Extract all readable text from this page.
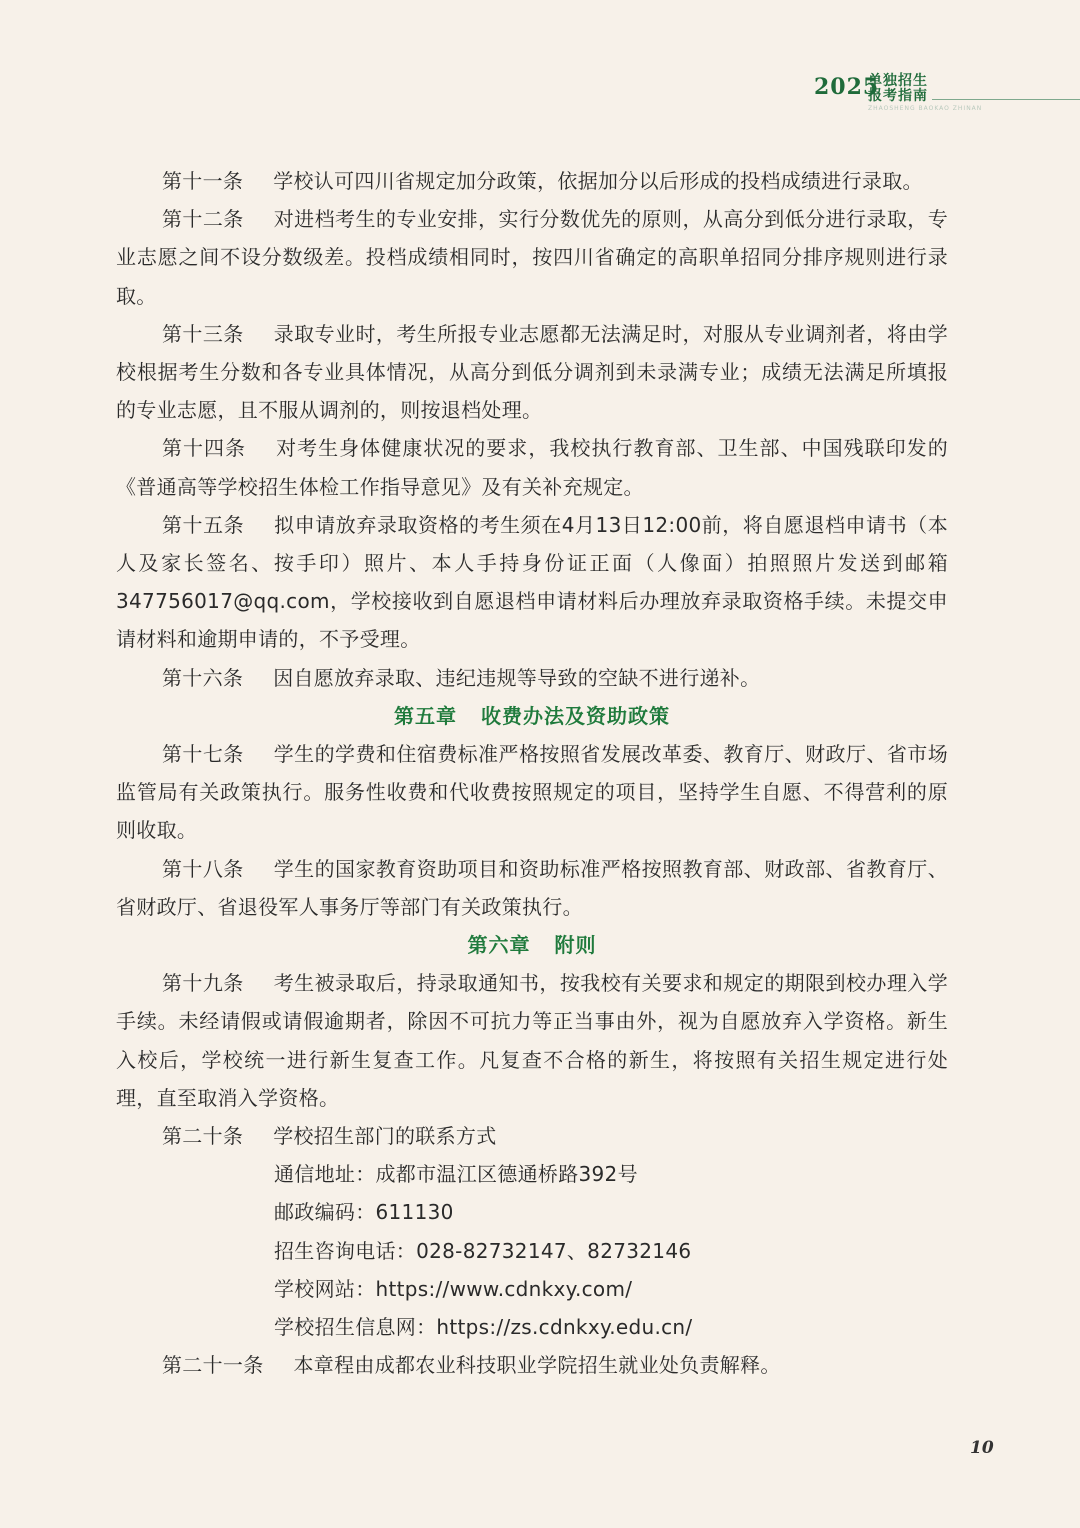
2025
单独招生
报考指南
ZHAOSHENG BAOKAO ZHINAN

第十一条 学校认可四川省规定加分政策，依据加分以后形成的投档成绩进行录取。

第十二条 对进档考生的专业安排，实行分数优先的原则，从高分到低分进行录取，专业志愿之间不设分数级差。投档成绩相同时，按四川省确定的高职单招同分排序规则进行录取。

第十三条 录取专业时，考生所报专业志愿都无法满足时，对服从专业调剂者，将由学校根据考生分数和各专业具体情况，从高分到低分调剂到未录满专业；成绩无法满足所填报的专业志愿，且不服从调剂的，则按退档处理。

第十四条 对考生身体健康状况的要求，我校执行教育部、卫生部、中国残联印发的《普通高等学校招生体检工作指导意见》及有关补充规定。

第十五条 拟申请放弃录取资格的考生须在4月13日12:00前，将自愿退档申请书（本人及家长签名、按手印）照片、本人手持身份证正面（人像面）拍照照片发送到邮箱347756017@qq.com，学校接收到自愿退档申请材料后办理放弃录取资格手续。未提交申请材料和逾期申请的，不予受理。

第十六条 因自愿放弃录取、违纪违规等导致的空缺不进行递补。

第五章 收费办法及资助政策

第十七条 学生的学费和住宿费标准严格按照省发展改革委、教育厅、财政厅、省市场监管局有关政策执行。服务性收费和代收费按照规定的项目，坚持学生自愿、不得营利的原则收取。

第十八条 学生的国家教育资助项目和资助标准严格按照教育部、财政部、省教育厅、省财政厅、省退役军人事务厅等部门有关政策执行。

第六章 附则

第十九条 考生被录取后，持录取通知书，按我校有关要求和规定的期限到校办理入学手续。未经请假或请假逾期者，除因不可抗力等正当事由外，视为自愿放弃入学资格。新生入校后，学校统一进行新生复查工作。凡复查不合格的新生，将按照有关招生规定进行处理，直至取消入学资格。

第二十条 学校招生部门的联系方式

通信地址：成都市温江区德通桥路392号

邮政编码：611130

招生咨询电话：028-82732147、82732146

学校网站：https://www.cdnkxy.com/

学校招生信息网：https://zs.cdnkxy.edu.cn/

第二十一条 本章程由成都农业科技职业学院招生就业处负责解释。

10
